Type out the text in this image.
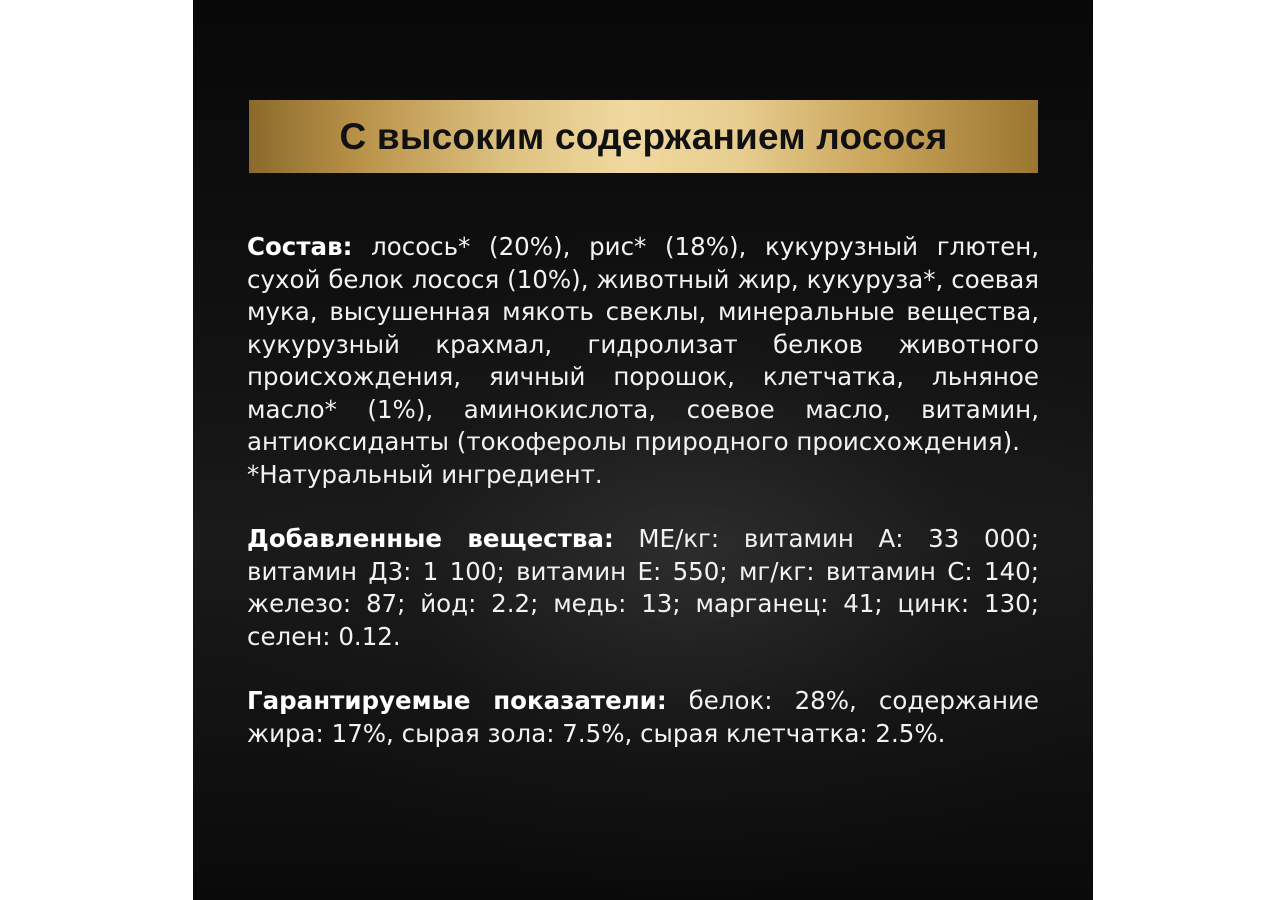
С высоким содержанием лосося

Состав: лосось* (20%), рис* (18%), кукурузный глютен, сухой белок лосося (10%), животный жир, кукуруза*, соевая мука, высушенная мякоть свеклы, минеральные вещества, кукурузный крахмал, гидролизат белков животного происхождения, яичный порошок, клетчатка, льняное масло* (1%), аминокислота, соевое масло, витамин, антиоксиданты (токоферолы природного происхождения).

*Натуральный ингредиент.

Добавленные вещества: МЕ/кг: витамин А: 33 000; витамин Д3: 1 100; витамин Е: 550; мг/кг: витамин С: 140; железо: 87; йод: 2.2; медь: 13; марганец: 41; цинк: 130; селен: 0.12.

Гарантируемые показатели: белок: 28%, содержание жира: 17%, сырая зола: 7.5%, сырая клетчатка: 2.5%.
